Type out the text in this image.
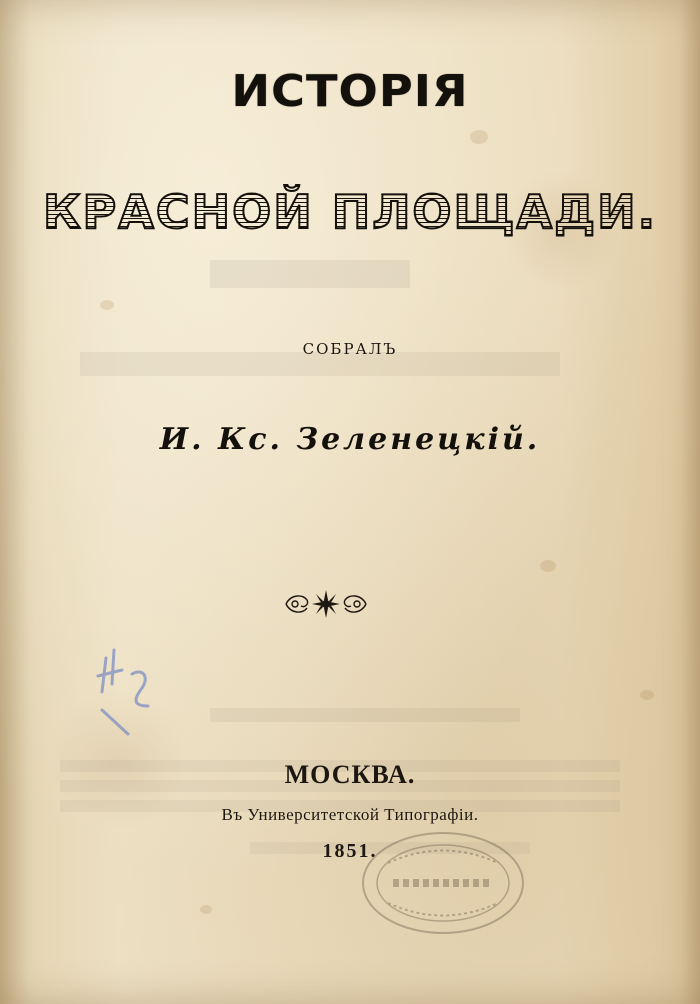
ИСТОРІЯ
КРАСНОЙ ПЛОЩАДИ.
СОБРАЛЪ
И. Кс. Зеленецкій.
МОСКВА.
Въ Университетской Типографіи.
1851.
